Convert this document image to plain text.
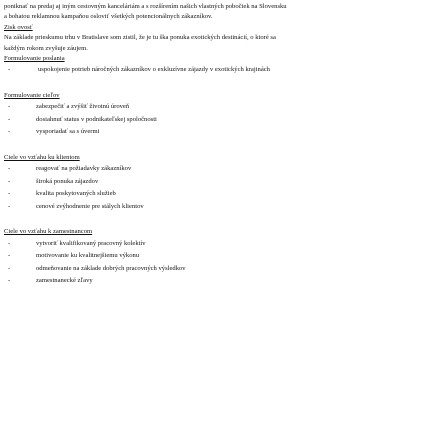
poniknať na predaj aj iným cestovným kanceláriám a s rozšírením našich vlastných pobočiek na Slovensku

a bohatou reklamnou kampaňou osloviť všetkých potencionálnych zákazníkov.

Zisk ovosť

Na základe prieskumu trhu v Bratislave som zistil, že je tu ška ponuka exotických destinácií, o ktoré sa

každým rokom zvyšuje záujem.

Formulovanie poslania

-	uspokojenie potrieb náročných zákazníkov o exkluzívne zájazdy v exotických krajinách

Formulovanie cieľov

-	zabezpečiť a zvýšiť životnú úroveň
-	dosiahnuť status v podnikateľskej spoločnosti
-	vysporiadať sa s úvermi

Ciele vo vzťahu ku klientom

-	reagovať na požiadavky zákazníkov
-	široká ponuka zájazdov
-	kvalita poskytovaných služieb
-	cenové zvýhodnenie pre stálych klientov

Ciele vo vzťahu k zamestnancom

-	vytvoriť kvalifikovaný pracovný kolektív
-	motivovanie ku kvalitnejšiemu výkonu
-	odmeňovanie na základe dobrých pracovných výsledkov
-	zamestnanecké zľavy
